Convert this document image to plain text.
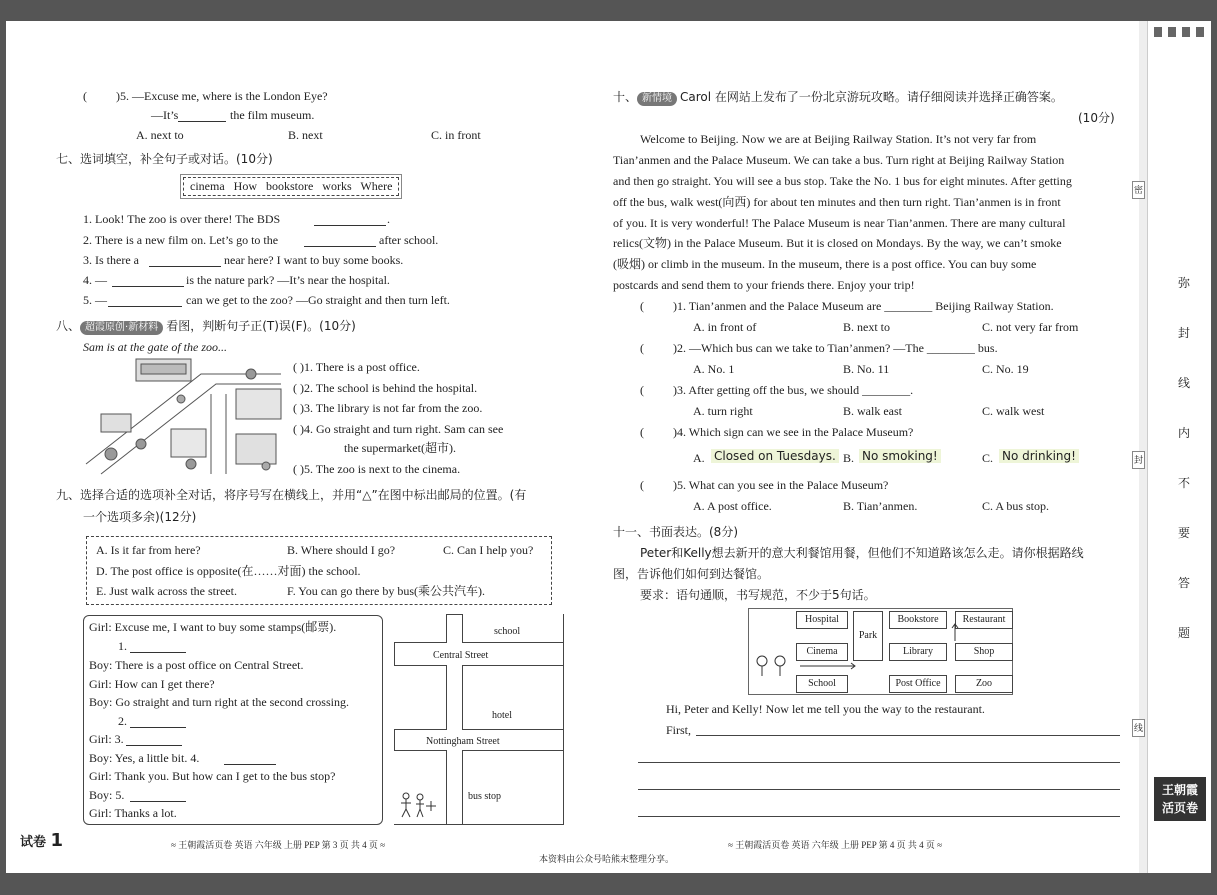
( )5. —Excuse me, where is the London Eye?
—It’s	the film museum.
A. next to	B. next	C. in front
七、选词填空，补全句子或对话。(10分)
cinema   How   bookstore   works   Where
1. Look! The zoo is over there! The BDS	.
2. There is a new film on. Let’s go to the	after school.
3. Is there a	near here? I want to buy some books.
4. —	is the nature park? —It’s near the hospital.
5. —	can we get to the zoo? —Go straight and then turn left.
八、 超霞原创·新材料 看图，判断句子正(T)误(F)。(10分)
Sam is at the gate of the zoo...
( )1. There is a post office.
( )2. The school is behind the hospital.
( )3. The library is not far from the zoo.
( )4. Go straight and turn right. Sam can see
the supermarket(超市).
( )5. The zoo is next to the cinema.
九、选择合适的选项补全对话，将序号写在横线上，并用“△”在图中标出邮局的位置。(有
一个选项多余)(12分)
A. Is it far from here?	B. Where should I go?	C. Can I help you?
D. The post office is opposite(在……对面) the school.
E. Just walk across the street.	F. You can go there by bus(乘公共汽车).
Girl: Excuse me, I want to buy some stamps(邮票).
1.
Boy: There is a post office on Central Street.
Girl: How can I get there?
Boy: Go straight and turn right at the second crossing.
2.
Girl: 3.
Boy: Yes, a little bit. 4.
Girl: Thank you. But how can I get to the bus stop?
Boy: 5.
Girl: Thanks a lot.
school
Central Street
hotel
Nottingham Street
bus stop
试卷 1	≈ 王朝霞活页卷 英语 六年级 上册 PEP 第 3 页 共 4 页 ≈
十、 新情境 Carol 在网站上发布了一份北京游玩攻略。请仔细阅读并选择正确答案。
(10分)
Welcome to Beijing. Now we are at Beijing Railway Station. It’s not very far from
Tian’anmen and the Palace Museum. We can take a bus. Turn right at Beijing Railway Station
and then go straight. You will see a bus stop. Take the No. 1 bus for eight minutes. After getting
off the bus, walk west(向西) for about ten minutes and then turn right. Tian’anmen is in front
of you. It is very wonderful! The Palace Museum is near Tian’anmen. There are many cultural
relics(文物) in the Palace Museum. But it is closed on Mondays. By the way, we can’t smoke
(吸烟) or climb in the museum. In the museum, there is a post office. You can buy some
postcards and send them to your friends there. Enjoy your trip!
( )1. Tian’anmen and the Palace Museum are ________ Beijing Railway Station.
A. in front of	B. next to	C. not very far from
( )2. —Which bus can we take to Tian’anmen? —The ________ bus.
A. No. 1	B. No. 11	C. No. 19
( )3. After getting off the bus, we should ________.
A. turn right	B. walk east	C. walk west
( )4. Which sign can we see in the Palace Museum?
A. Closed on Tuesdays. B. No smoking!	C. No drinking!
( )5. What can you see in the Palace Museum?
A. A post office.	B. Tian’anmen.	C. A bus stop.
十一、书面表达。(8分)
Peter和Kelly想去新开的意大利餐馆用餐，但他们不知道路该怎么走。请你根据路线
图，告诉他们如何到达餐馆。
要求：语句通顺，书写规范，不少于5句话。
Hospital
Cinema
School
Park
Bookstore	Restaurant
Library	Shop
Post Office	Zoo
Hi, Peter and Kelly! Now let me tell you the way to the restaurant.
First,
≈ 王朝霞活页卷 英语 六年级 上册 PEP 第 4 页 共 4 页 ≈
本资料由公众号哈熊末整理分享。
弥
封
线
内
不
要
答
题
密
封
线
王朝霞
活页卷
